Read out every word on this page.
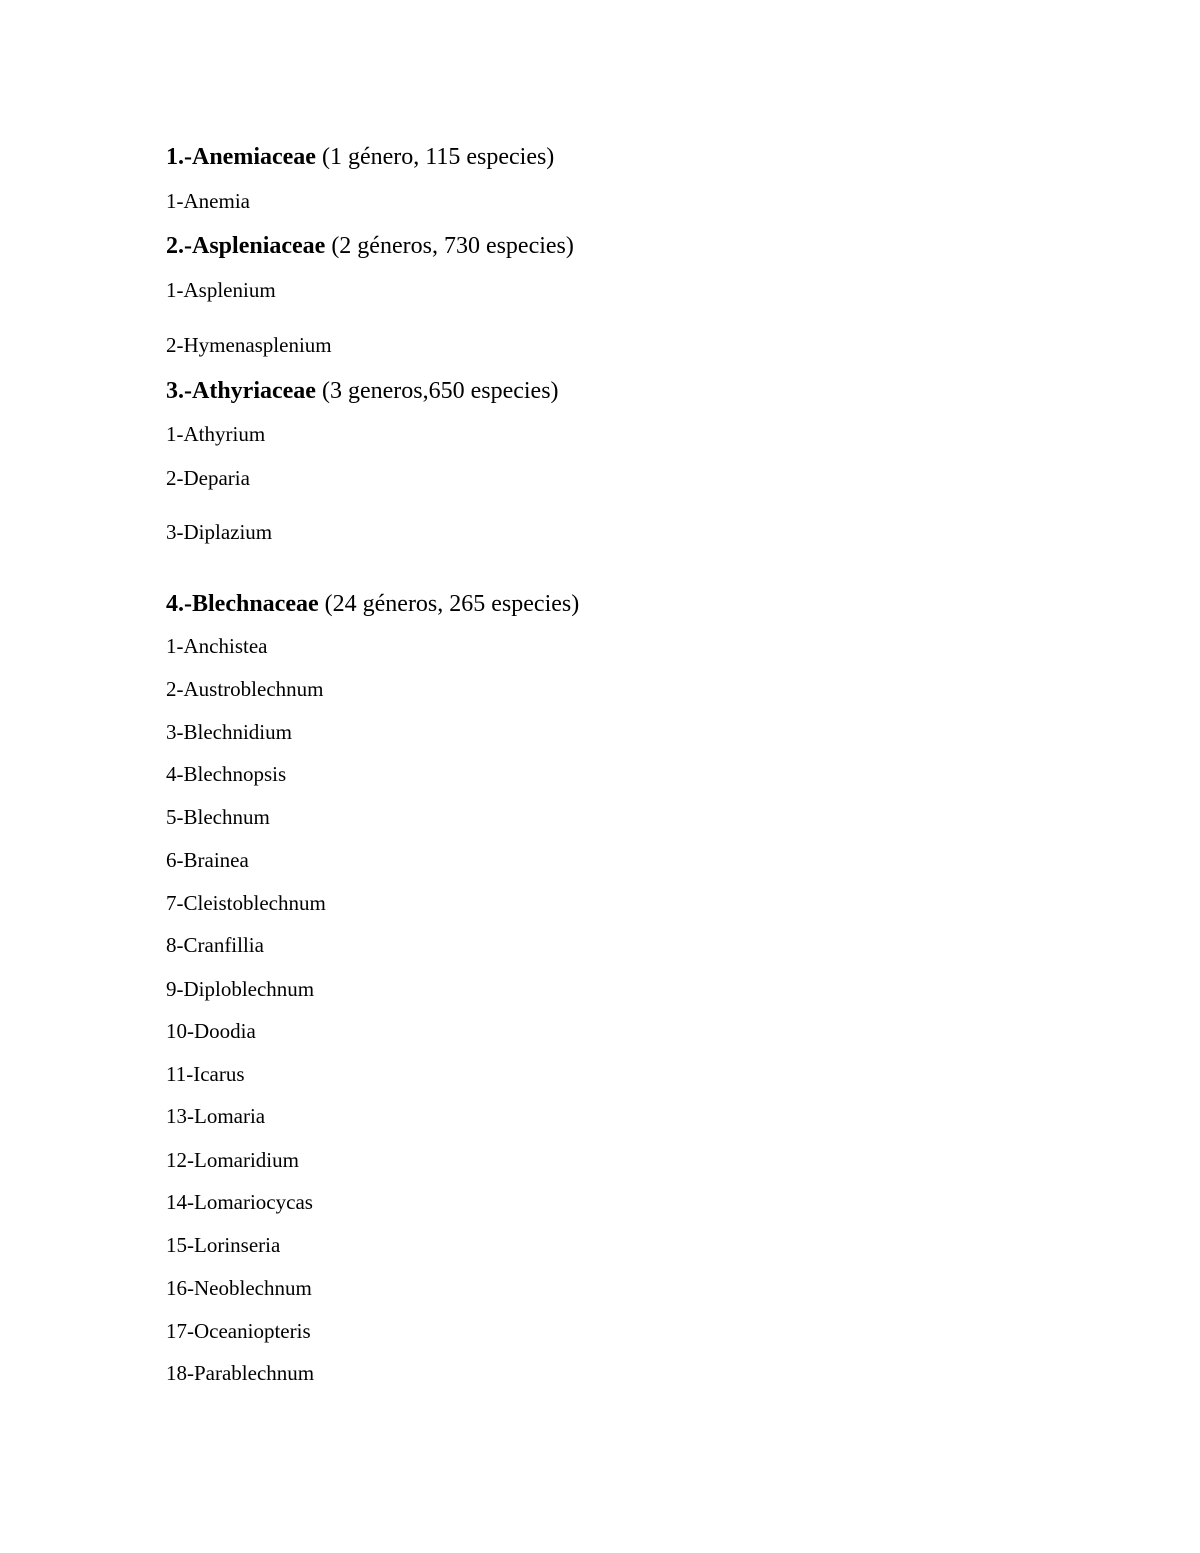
1.-Anemiaceae (1 género, 115 especies)
1-Anemia
2.-Aspleniaceae (2 géneros, 730 especies)
1-Asplenium
2-Hymenasplenium
3.-Athyriaceae (3 generos,650 especies)
1-Athyrium
2-Deparia
3-Diplazium
4.-Blechnaceae (24 géneros, 265 especies)
1-Anchistea
2-Austroblechnum
3-Blechnidium
4-Blechnopsis
5-Blechnum
6-Brainea
7-Cleistoblechnum
8-Cranfillia
9-Diploblechnum
10-Doodia
11-Icarus
13-Lomaria
12-Lomaridium
14-Lomariocycas
15-Lorinseria
16-Neoblechnum
17-Oceaniopteris
18-Parablechnum
